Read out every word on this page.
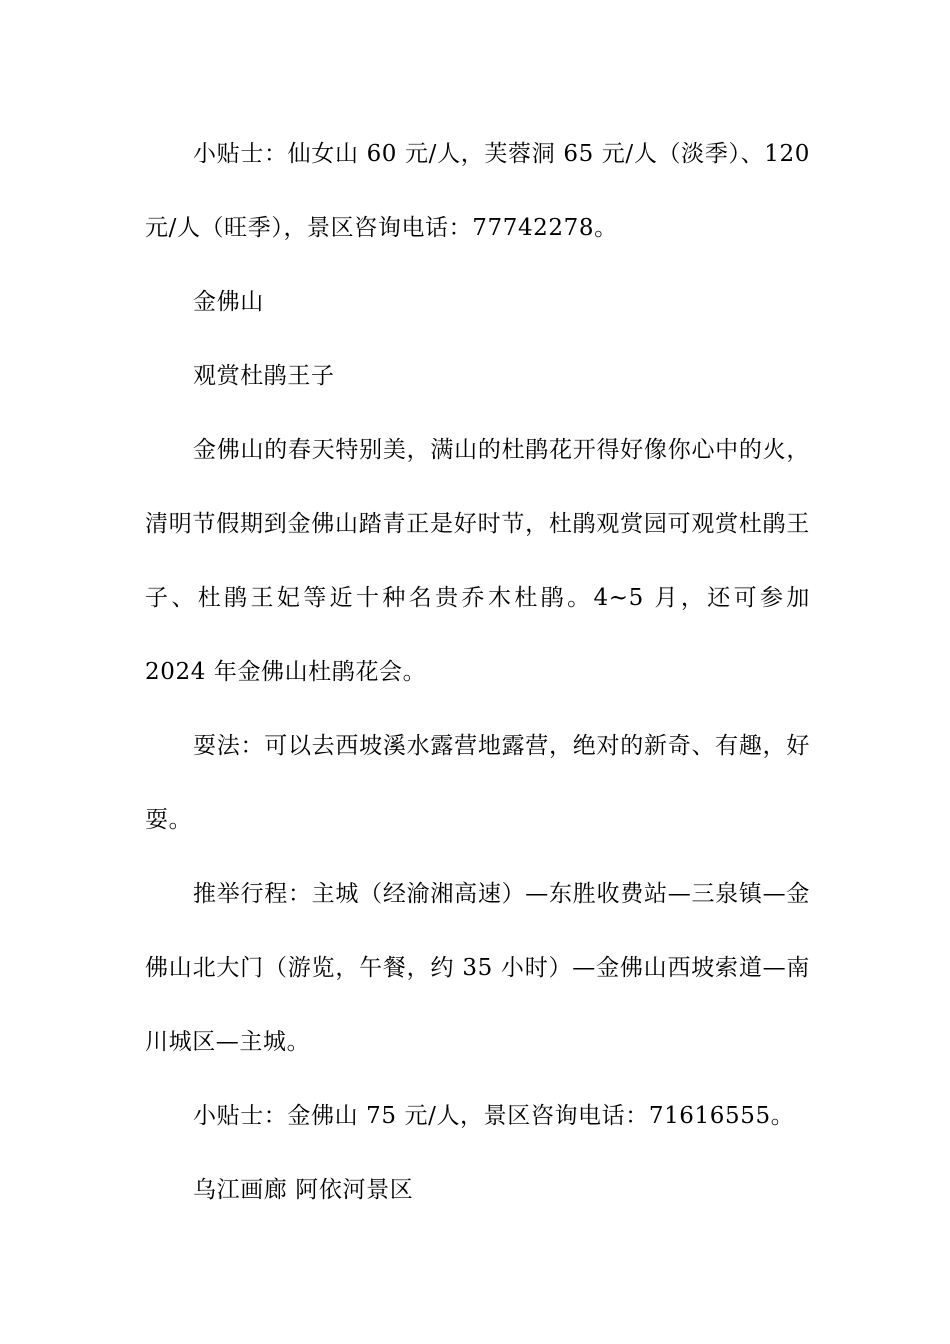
小贴士：仙女山 60 元/人，芙蓉洞 65 元/人（淡季）、120 元/人（旺季），景区咨询电话：77742278。

金佛山

观赏杜鹃王子

金佛山的春天特别美，满山的杜鹃花开得好像你心中的火，清明节假期到金佛山踏青正是好时节，杜鹃观赏园可观赏杜鹃王子、杜鹃王妃等近十种名贵乔木杜鹃。4~5 月，还可参加 2024 年金佛山杜鹃花会。

耍法：可以去西坡溪水露营地露营，绝对的新奇、有趣，好耍。

推举行程：主城（经渝湘高速）—东胜收费站—三泉镇—金佛山北大门（游览，午餐，约 35 小时）—金佛山西坡索道—南川城区—主城。

小贴士：金佛山 75 元/人，景区咨询电话：71616555。

乌江画廊 阿依河景区
